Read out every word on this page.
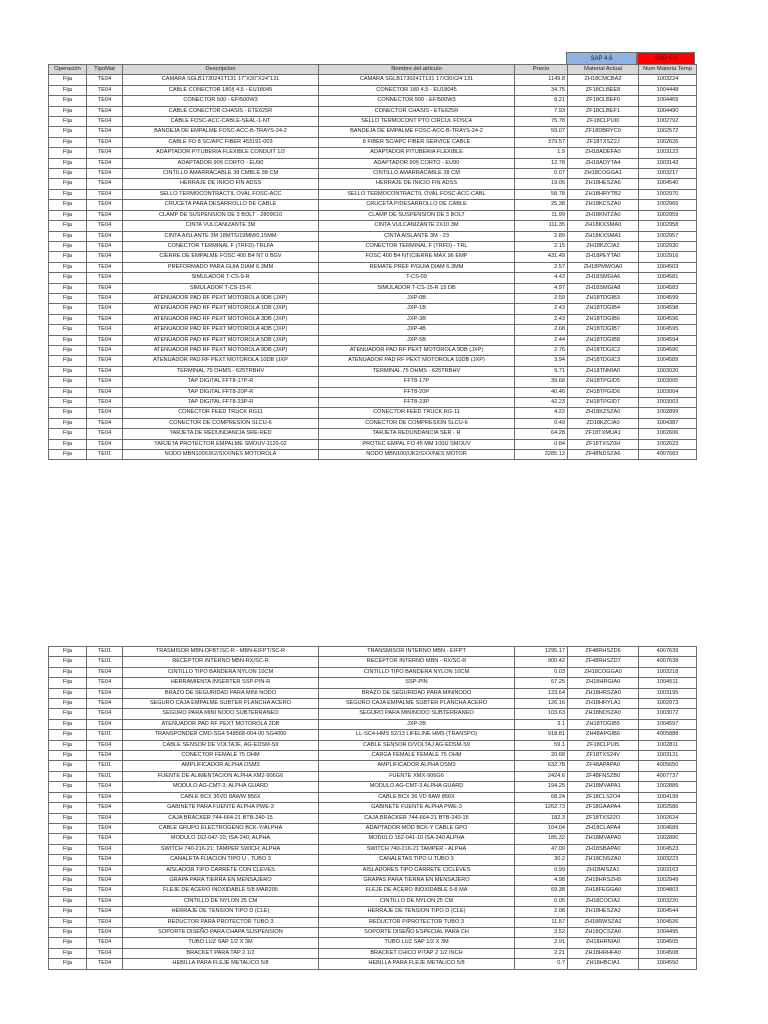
SAP 4.6	SAP 6.0
Operación	TipoMat	Descripcion	Nombre del artículo	Precio	Material Actual	Num Materia Temp	
Fija	TE04	CAMARA SGLB1730241T131 17"X30"X24"131	CAMARA SGLB1730241T131 17X30X24 131	1149.8	ZH18CMCBA2	1003224	
Fija	TE04	CABLE CONECTOR 180§ 4.5 - EU18045	CONECTOR 180 4.5 - EU18045	34.75	ZF18CLBEE8	1004448	
Fija	TE04	CONECTOR 500 - EFI500W3	CONNECTOR 500 - EFI500W3	8.21	ZF18CLBEF0	1004469	
Fija	TE04	CABLE CONECTOR CHASIS - ETE625R	CONECTOR CHASIS - ETE625R	7.93	ZF18CLBEF1	1004490	
Fija	TE04	CABLE FOSC-ACC-CABLE-SEAL-1-NT	SELLO TERMOCONT PTO CIRCUL FOSC4	75.78	ZF18CLPUI0	1002792	
Fija	TE04	BANDEJA DE EMPALME FOSC-ACC-B-TRAYS-24-2	BANDEJA DE EMPALME FOSC-ACC-B-TRAYS-24-2	59.07	ZF18DBRYC0	1002572	
Fija	TE04	CABLE FO 8 SC/APC FIBER 453191-003	8 FIBER SC/APC FIBER SERVICE CABLE	379.57	ZF18TXSZ2J	1002626	
Fija	TE04	ADAPTADOR P/TUBERIA FLEXIBLE CONDUIT 1/2	ADAPTADOR P/TUBERIA FLEXIBLE	1.9	ZH18ADEFA0	1003123	
Fija	TE04	ADAPTADOR 90§ CORTO - EU90	ADAPTADOR 90§ CORTO - EU90	12.78	ZH18ADYTA4	1003143	
Fija	TE04	CINTILLO AMARRACABLE 38 CMBLE 38 CM	CINTILLO AMARRACABLE 38 CM	0.07	ZH18COGGA1	1003217	
Fija	TE04	HERRAJE DE INICIO FIN ADSS	HERRAJE DE INICIO FIN ADSS	19.05	ZH18HESZA6	1004540	
Fija	TE04	SELLO TERMOCONTRACTIL OVAL FOSC-ACC	SELLO TERMOCONTRACTIL OVAL FOSC-ACC-CABL	58.78	ZH18HRYTB2	1002970	
Fija	TE04	CRUCETA PARA DESARROLLO DE CABLE	CRUCETA P/DESARROLLO DE CABLE	25.38	ZH18KCSZA0	1002965	
Fija	TE04	CLAMP DE SUSPENSION DE 3 BOLT - 2809610	CLAMP DE SUSPENSION DE 3 BOLT	11.99	ZH18KNTZA0	1002959	
Fija	TE04	CINTA VULCANIZANTE 3M	CINTA VULCANIZANTE 2X10 3M	111.35	ZH18KXSMA0	1002958	
Fija	TE04	CINTA AISLANTE 3M 18MTS/19MM/0.15MM	CINTA AISLANTE 3M - 23	2.89	ZH18KXSMA1	1002957	
Fija	TE04	CONECTOR TERMINAL F (TRFD)-TRLFA	CONECTOR TERMINAL F (TRFD) - TRL	2.15	ZH18KZCIA2	1002930	
Fija	TE04	CIERRE DE EMPALME FOSC 400 B4 NT 0 BGV	FOSC 400 B4 NT(CIERRE MAX 96 EMP	431.49	ZH18PEYTA0	1002916	
Fija	TE04	PREFORMADO PARA GUIA DIAM 6.3MM	REMATE PREF P/GUIA DIAM 6.3MM	2.57	ZH18PMWOA0	1004503	
Fija	TE04	SIMULADOR T-CS-9-R	T-CS-09	4.43	ZH18SMGIA6	1004581	
Fija	TE04	SIMULADOR T-CS-15-R	SIMULADOR T-CS-15-R 15 DB	4.97	ZH18SMGIA8	1004583	
Fija	TE04	ATENUADOR PAD RF PEXT MOTOROLA 0DB (JXP)	JXP-0B	2.59	ZH18TDGIB3	1004599	
Fija	TE04	ATENUADOR PAD RF PEXT MOTOROLA 1DB (JXP)	JXP-1B	2.43	ZH18TDGIB4	1004598	
Fija	TE04	ATENUADOR PAD RF PEXT MOTOROLA 3DB (JXP)	JXP-3B	2.43	ZH18TDGIB6	1004596	
Fija	TE04	ATENUADOR PAD RF PEXT MOTOROLA 4DB (JXP)	JXP-4B	2.68	ZH18TDGIB7	1004595	
Fija	TE04	ATENUADOR PAD RF PEXT MOTOROLA 5DB (JXP)	JXP-5B	2.44	ZH18TDGIB8	1004594	
Fija	TE04	ATENUADOR PAD RF PEXT MOTOROLA 9DB (JXP)	ATENUADOR PAD RF PEXT MOTOROLA 9DB (JXP)	2.76	ZH18TDGIC2	1004590	
Fija	TE04	ATENUADOR PAD RF PEXT MOTOROLA 10DB (JXP	ATENUADOR PAD RF PEXT MOTOROLA 10DB (JXP)	3.94	ZH18TDGIC3	1004589	
Fija	TE04	TERMINAL 75 OHMS - 625TRBHV	TERMINAL 75 OHMS - 625TRBHV	9.71	ZH18TNMIA0	1003020	
Fija	TE04	TAP DIGITAL FFT8-17P-R	FFT8-17P	39.68	ZH18TPGID5	1003005	
Fija	TE04	TAP DIGITAL FFT8-20P-R	FFT8-20P	40.46	ZH18TPGID6	1003004	
Fija	TE04	TAP DIGITAL FFT8-23P-R	FFT8-23P	42.23	ZH18TPGID7	1003003	
Fija	TE04	CONECTOR FEED TRUCK RG11	CONECTOR FEED TRUCK RG-11	4.22	ZH18KZSZA0	1002899	
Fija	TE04	CONECTOR DE COMPRESION SLCU-6	CONECTOR DE COMPRESION SLCU-6	0.49	ZD18KZCIA0	1004387	
Fija	TE04	TARJETA DE REDUNDANCIA SRE-RED	TARJETA REDUNDANCIA SER - R	64.28	ZF18TXMUA1	1002606	
Fija	TE04	TARJETA PROTECTOR EMPALME SMOUV-1120-02	PROTEC EMPAL FO 45 MM 100U SMOUV	0.84	ZF18TXSZ0H	1002623	
Fija	TE01	NODO MBN100/UK2/SXX/NES MOTOROLA	NODO MBN100/UK2/SXX/NES MOTOR	3285.12	ZF48NDSZA6	4007683	
Fija	TE01	TRASMISOR MBN-DFBT/SC-R - MBN-EIFPT/SC-R	TRANSMISOR INTERNO MBN - EIFPT	1295.17	ZF48RHSZD6	4007639	
Fija	TE01	RECEPTOR INTERNO MBN-RX/SC-R	RECEPTOR INTERNO MBN - RX/SC-R	900.42	ZF48RHSZD7	4007638	
Fija	TE04	CINTILLO TIPO BANDERA NYLON 10CM	CINTILLO TIPO BANDERA NYLON 10CM	0.03	ZH18COGGA0	1003218	
Fija	TE04	HERRAMIENTA INSERTER SSP-PIN-R	SSP-PIN	67.25	ZH18HRGIA0	1004511	
Fija	TE04	BRAZO DE SEGURIDAD PARA MINI NODO	BRAZO DE SEGURIDAD PARA MININODO	123.64	ZH18HRSZA0	1003195	
Fija	TE04	SEGURO CAJA EMPALME SUBTER PLANCHA ACERO	SEGURO CAJA EMPALME SUBTER PLANCHA ACERO	126.16	ZH18HRYLA1	1002973	
Fija	TE04	SEGURO PARA MINI NODO SUBTERRANEO	SEGURO PARA MININODO SUBTERRANEO	103.63	ZH18NDSZA0	1003072	
Fija	TE04	ATENUADOR PAD RF PEXT MOTOROLA 2DB	JXP-2B	3.1	ZH18TDGIB5	1004597	
Fija	TE01	TRANSPONDER CMD-SG4 548568-004-00 SG4000	LL-SC4-HMS 52/13 LIFELINE HMS (TRANSPO)	918.81	ZH48APGIB6	4005888	
Fija	TE04	CABLE SENSOR DE VOLTAJE, AG-EDSM-S9	CABLE SENSOR D/VOLTAJ AG-EDSM-S9	59.1	ZF18CLPUI5	1002811	
Fija	TE04	CONECTOR FEMALE 75 OHM	CARGA FEMALE FEMALE 75 OHM	20.68	ZF18TXS24V	1003131	
Fija	TE01	AMPLIFICADOR ALPHA DSM3	AMPLIFICADOR ALPHA DSM3	632.78	ZF48APAPA0	4005650	
Fija	TE01	FUENTE DE ALIMENTACION ALPHA XM2-906G6	FUENTE XMX-906G6	2424.6	ZF48FNSZB0	4007737	
Fija	TE04	MODULO AG-CMT-3; ALPHA GUARD	MODULO AG-CMT-3 ALPHA GUARD	194.25	ZH18MVAPA1	1002889	
Fija	TE04	CABLE BCX 36VD 8AWW 856X	CABLE BCX 36 VD 8AW 856X	68.24	ZF18CLS2O4	1004199	
Fija	TE04	GABINETE PARA FUENTE ALPHA PWE-3	GABINETE FUENTE ALPHA PWE-3	1262.73	ZF18GAAPA4	1002586	
Fija	TE04	CAJA BRACKER 744-664-21 BTB-240-15	CAJA BRACKER 744-664-21 BTB-240-15	182.3	ZF18TXS22O	1002624	
Fija	TE04	CABLE GRUPO ELECTROGENO BCK-Y/ALPHA	ADAPTADOR MOD BCK-Y CABLE GPO	104.04	ZH18CLAPA4	1004689	
Fija	TE04	MODULO 162-047-10; ISA-240; ALPHA	MODULO 162-041-10 ISA-240 ALPHA	185.32	ZH18MVAPA0	1002890	
Fija	TE04	SWITCH 740-216-21; TAMPER SWICH; ALPHA	SWITCH 740-216-21 TAMPER - ALPHA	47.09	ZH18SBAPA0	1004523	
Fija	TE04	CANALETA FIJACION TIPO U , TUBO 3	CANALETAS TIPO U TUBO 3	30.2	ZH18CNSZA0	1003223	
Fija	TE04	AISLADOR TIPO CARRETE CON CLEVES	AISLADORES TIPO CARRETE C/CLEVES	0.99	ZH18AISZA1	1003163	
Fija	TE04	GRAPA PARA TIERRA EN MENSAJERO	GRAPAS PARA TIERRA EN MENSAJERO	4.98	ZH18HRSZH9	1002949	
Fija	TE04	FLEJE DE ACERO INOXIDABLE 5/8 MAR205	FLEJE DE ACERO INOXIDABLE 5-8 MA	69.38	ZH18FEGGA0	1004803	
Fija	TE04	CINTILLO DE NYLON 25 CM	CINTILLO DE NYLON 25 CM	0.05	ZH18COCIA2	1003220	
Fija	TE04	HERRAJE DE TENSION TIPO D (CLE)	HERRAJE DE TENSION TIPO D (CLE)	2.08	ZH18HESZA2	1004544	
Fija	TE04	REDUCTOR PARA PROTECTOR TUBO 3	REDUCTOR P/PROTECTOR TUBO 3	11.57	ZH18RWSZA2	1004526	
Fija	TE04	SOPORTE DISEÑO PARA CHAPA SUSPENSION	SOPORTE DISEÑO ESPECIAL PARA CH	3.52	ZH18QCSZA6	1004495	
Fija	TE04	TUBO LUZ SAP 1/2 X 3M	TUBO LUZ SAP 1/2 X 3M	2.91	ZH18HRNIA0	1004505	
Fija	TE04	BRACKET PARA TAP 2 1/2	BRACKET CHICO P/TAP 2 1/2 INCH	2.21	ZH18HRHFA0	1004508	
Fija	TE04	HEBILLA PARA FLEJE METALICO 5/8	HEBILLA PARA FLEJE METALICO 5/8	0.7	ZH18HBCIA1	1004550	
